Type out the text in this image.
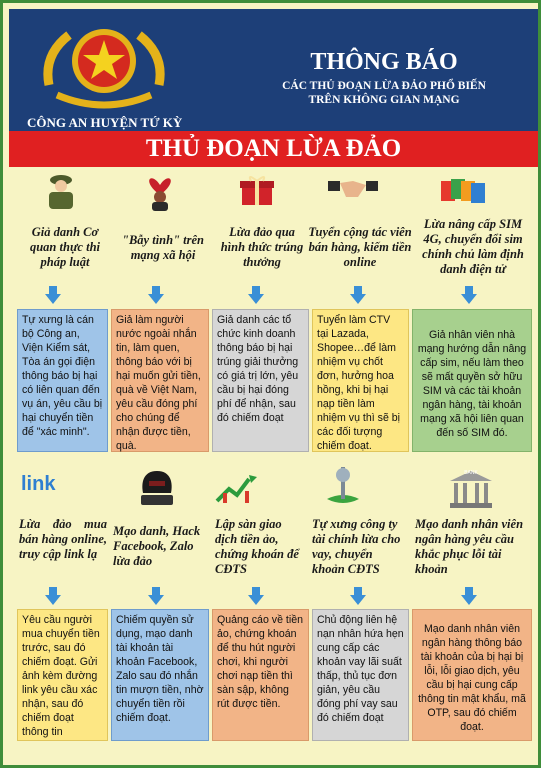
CÔNG AN HUYỆN TỨ KỲ
THÔNG BÁO
CÁC THỦ ĐOẠN LỪA ĐẢO PHỔ BIẾN
TRÊN KHÔNG GIAN MẠNG
THỦ ĐOẠN LỪA ĐẢO
Giả danh Cơ quan thực thi pháp luật
"Bẫy tình" trên mạng xã hội
Lừa đảo qua hình thức trúng thưởng
Tuyển cộng tác viên bán hàng, kiếm tiền online
Lừa nâng cấp SIM 4G, chuyển đổi sim chính chủ làm định danh điện tử
Tự xưng là cán bộ Công an, Viện Kiểm sát, Tòa án gọi điện thông báo bị hại có liên quan đến vụ án, yêu cầu bị hại chuyển tiền để "xác minh".
Giả làm người nước ngoài nhắn tin, làm quen, thông báo với bị hại muốn gửi tiền, quà về Việt Nam, yêu cầu đóng phí cho chúng để nhận được tiền, quà.
Giả danh các tổ chức kinh doanh thông báo bị hại trúng giải thưởng có giá trị lớn, yêu cầu bị hại đóng phí để nhận, sau đó chiếm đoạt
Tuyển làm CTV tại Lazada, Shopee…để làm nhiệm vụ chốt đơn, hưởng hoa hồng, khi bị hại nạp tiền làm nhiệm vụ thì sẽ bị các đối tượng chiếm đoạt.
Giả nhân viên nhà mạng hướng dẫn nâng cấp sim, nếu làm theo sẽ mất quyền sở hữu SIM và các tài khoản ngân hàng, tài khoản mạng xã hội liên quan đến số SIM đó.
link	BANK
Lừa đảo mua bán hàng online, truy cập link lạ
Mạo danh, Hack Facebook, Zalo lừa đảo
Lập sàn giao dịch tiền ảo, chứng khoán để CĐTS
Tự xưng công ty tài chính lừa cho vay, chuyển khoản CĐTS
Mạo danh nhân viên ngân hàng yêu cầu khắc phục lỗi tài khoản
Yêu cầu người mua chuyển tiền trước, sau đó chiếm đoạt. Gửi ảnh kèm đường link yêu cầu xác nhận, sau đó chiếm đoạt thông tin
Chiếm quyền sử dụng, mạo danh tài khoản tài khoản Facebook, Zalo sau đó nhắn tin mượn tiền, nhờ chuyển tiền rồi chiếm đoạt.
Quảng cáo về tiền ảo, chứng khoán để thu hút người chơi, khi người chơi nạp tiền thì sàn sập, không rút được tiền.
Chủ động liên hệ nạn nhân hứa hẹn cung cấp các khoản vay lãi suất thấp, thủ tục đơn giản, yêu cầu đóng phí vay sau đó chiếm đoạt
Mạo danh nhân viên ngân hàng thông báo tài khoản của bị hại bị lỗi, lỗi giao dịch, yêu cầu bị hại cung cấp thông tin mật khẩu, mã OTP, sau đó chiếm đoạt.
